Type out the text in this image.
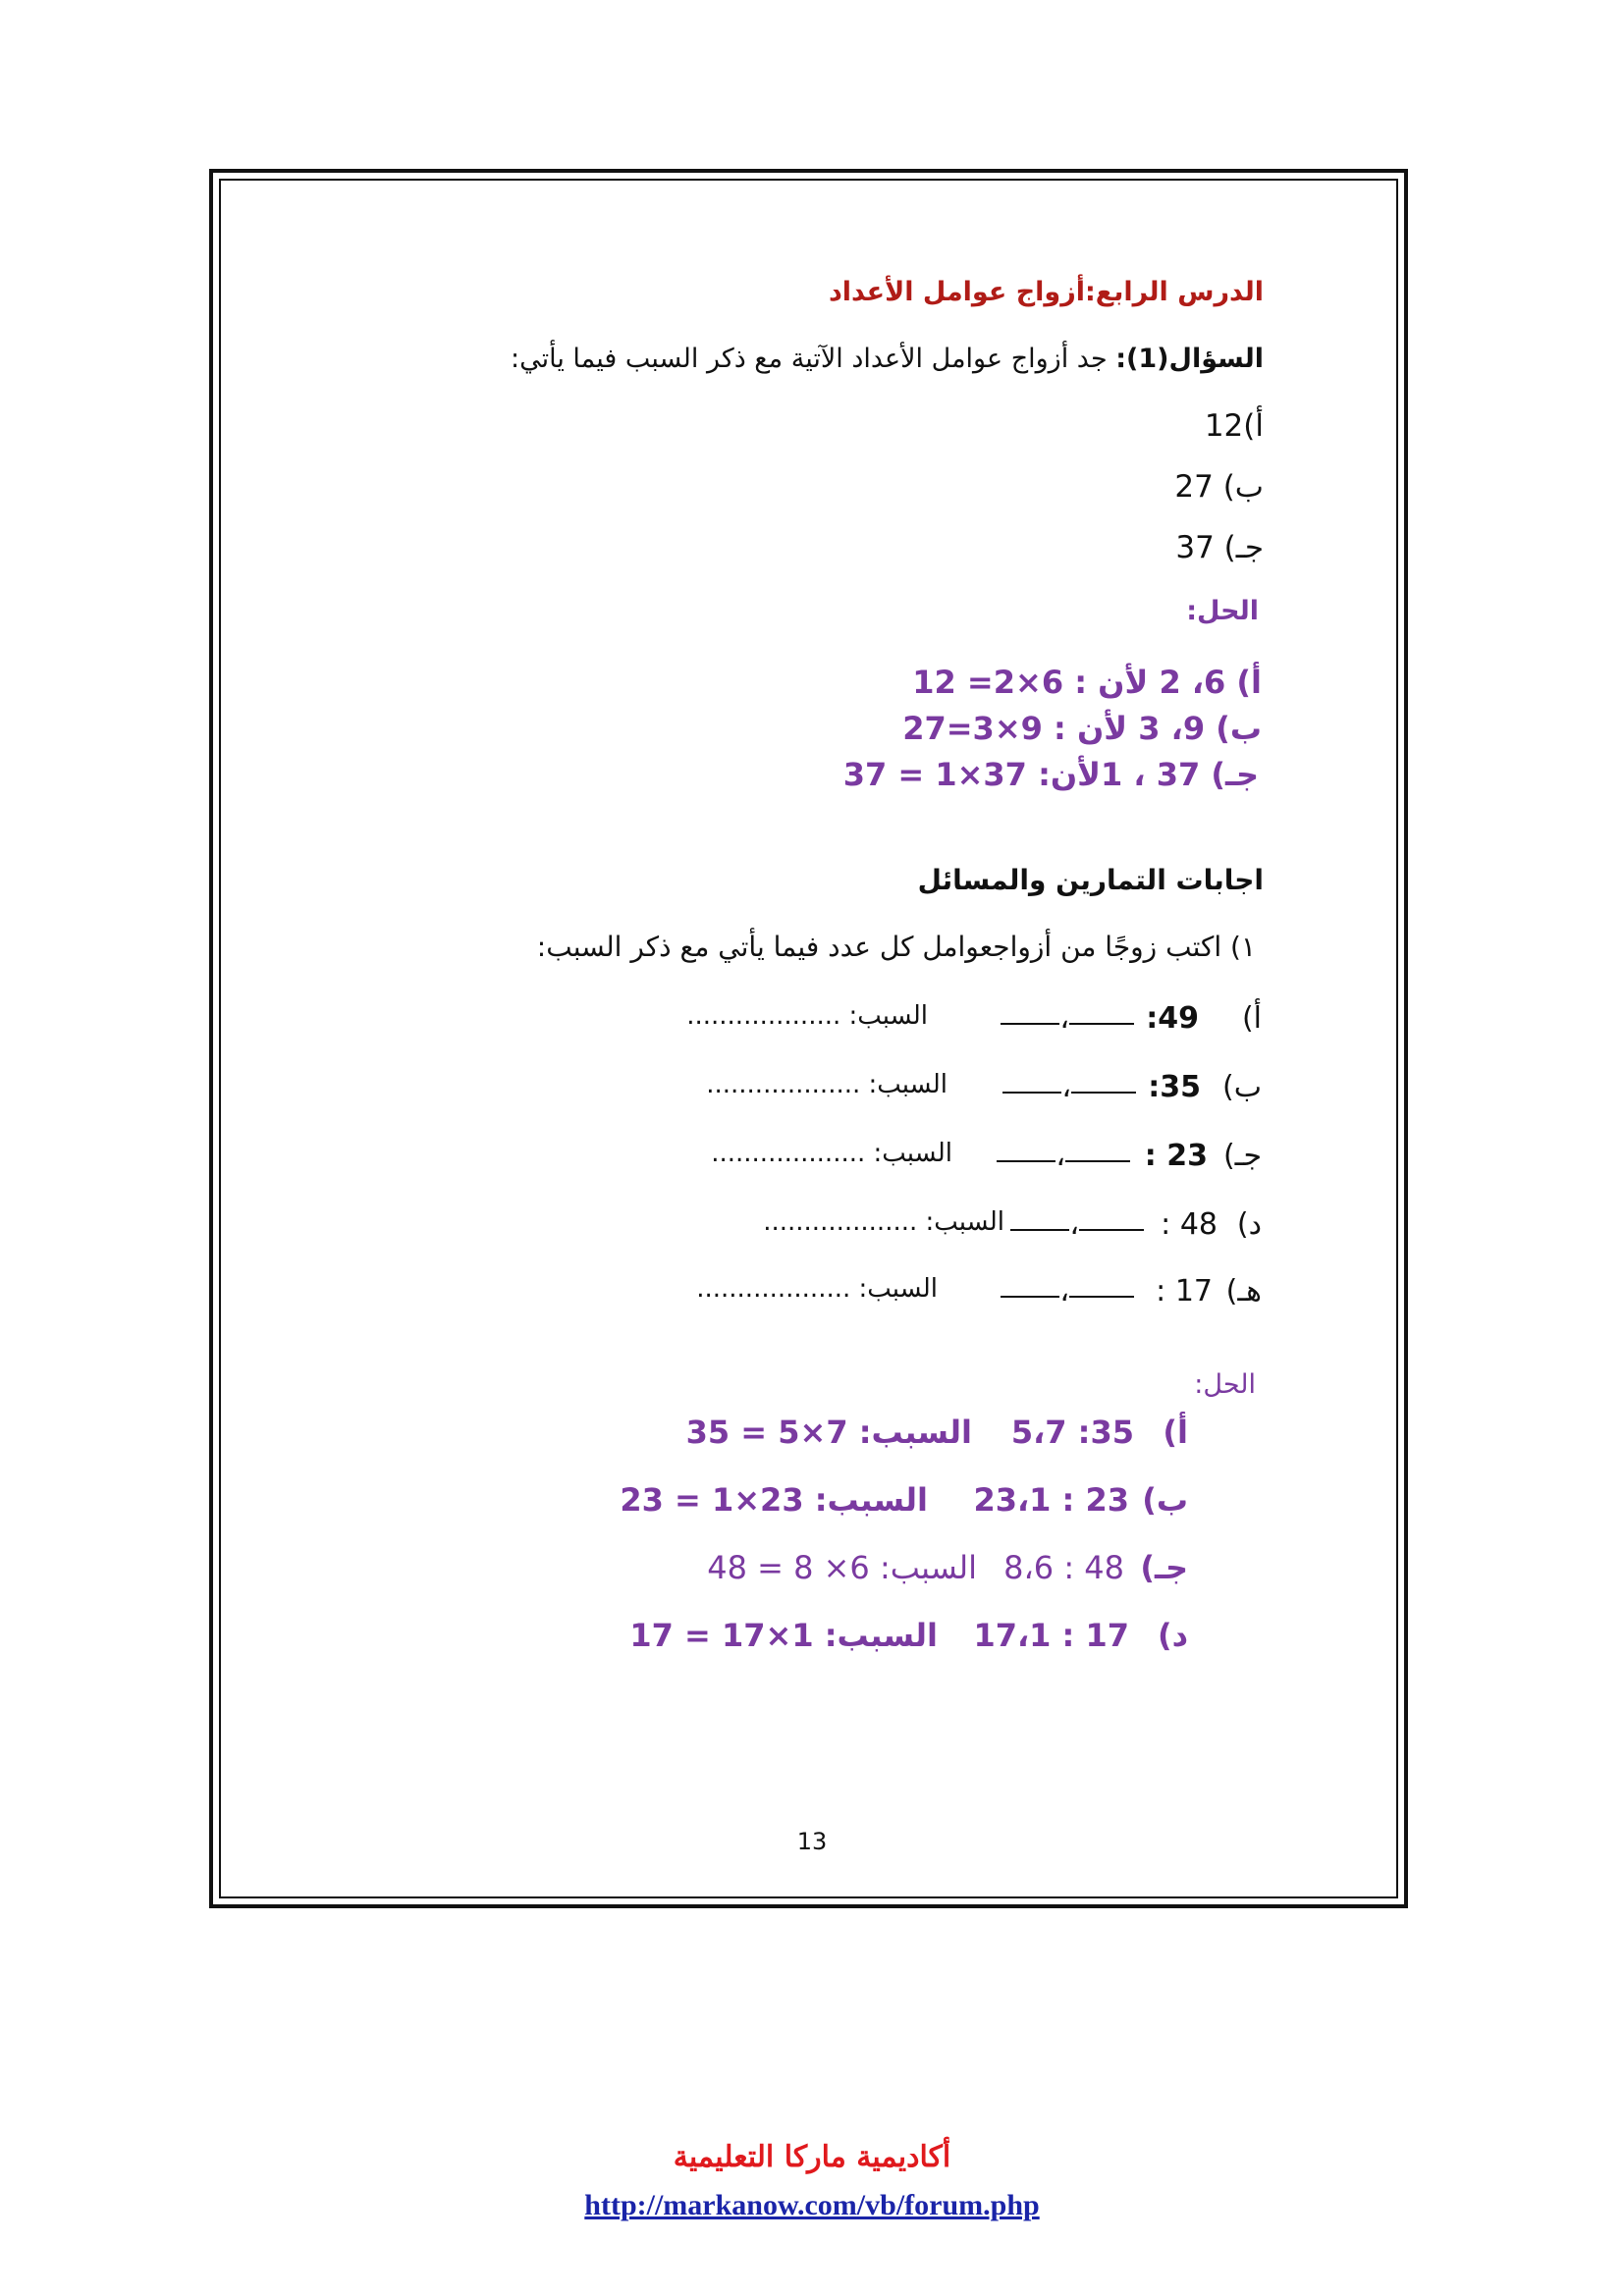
الدرس الرابع:أزواج عوامل الأعداد
السؤال(1): جد أزواج عوامل الأعداد الآتية مع ذكر السبب فيما يأتي:
أ)12
ب) 27
جـ) 37
الحل:
أ) 6، 2 لأن : 6×2= 12
ب) 9، 3 لأن : 9×3=27
جـ) 37 ، 1لأن: 37×1 = 37
اجابات التمارين والمسائل
١) اكتب زوجًا من أزواجعوامل كل عدد فيما يأتي مع ذكر السبب:
أ)
49:
،
السبب: ...................
ب)
35:
،
السبب: ...................
جـ)
23 :
،
السبب: ...................
د)
48 :
،
السبب: ...................
هـ)
17 :
،
السبب: ...................
الحل:
أ)
35: 5،7
السبب: 7×5 = 35
ب)
23 : 23،1
السبب: 23×1 = 23
جـ)
48 : 8،6
السبب: 6× 8 = 48
د)
17 : 17،1
السبب: 1×17 = 17
13
أكاديمية ماركا التعليمية
http://markanow.com/vb/forum.php
